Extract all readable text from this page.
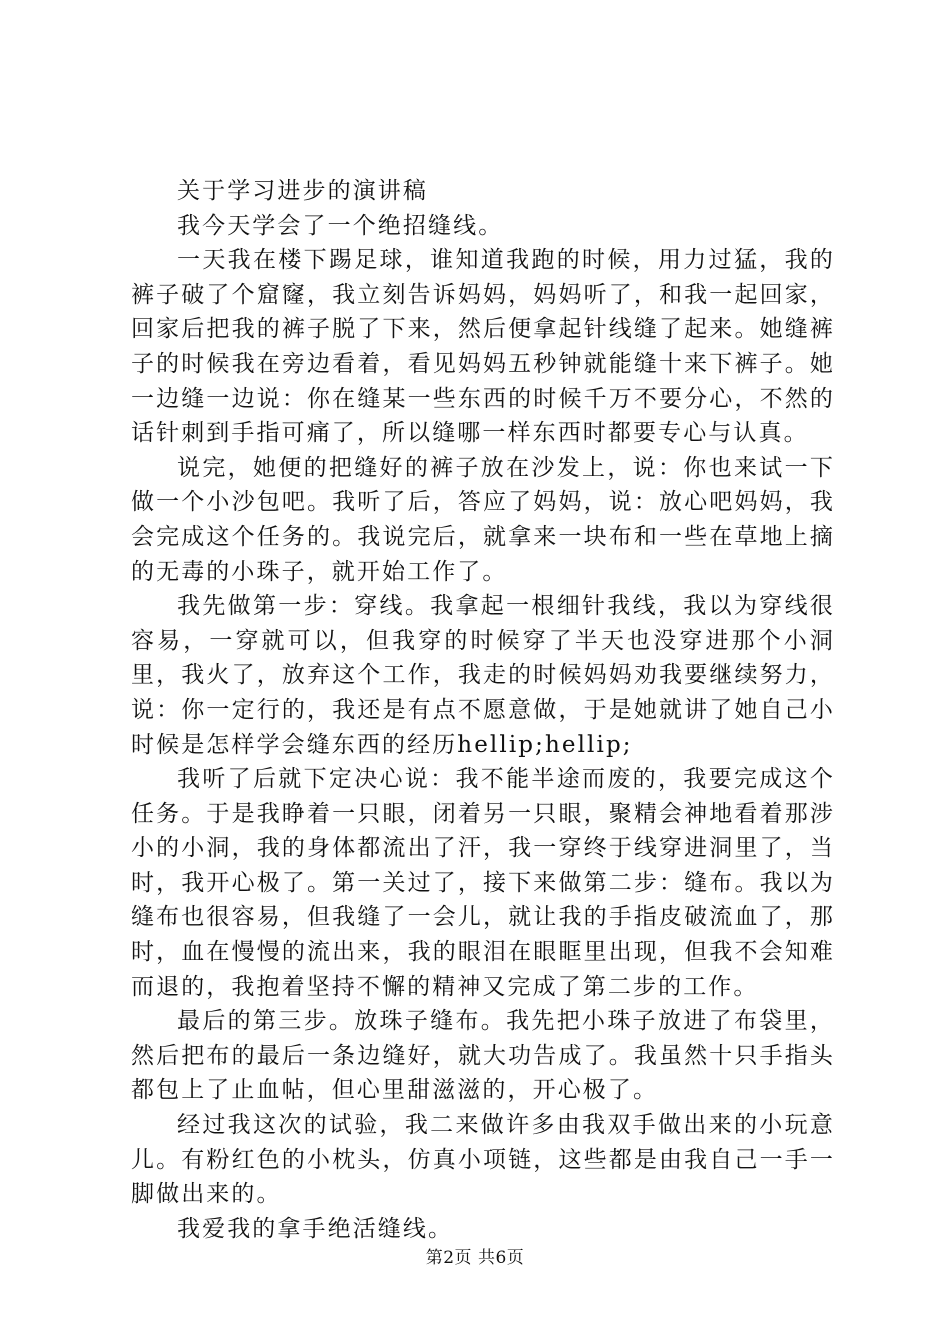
关于学习进步的演讲稿

我今天学会了一个绝招缝线。

一天我在楼下踢足球，谁知道我跑的时候，用力过猛，我的裤子破了个窟窿，我立刻告诉妈妈，妈妈听了，和我一起回家，回家后把我的裤子脱了下来，然后便拿起针线缝了起来。她缝裤子的时候我在旁边看着，看见妈妈五秒钟就能缝十来下裤子。她一边缝一边说：你在缝某一些东西的时候千万不要分心，不然的话针刺到手指可痛了，所以缝哪一样东西时都要专心与认真。

说完，她便的把缝好的裤子放在沙发上，说：你也来试一下做一个小沙包吧。我听了后，答应了妈妈，说：放心吧妈妈，我会完成这个任务的。我说完后，就拿来一块布和一些在草地上摘的无毒的小珠子，就开始工作了。

我先做第一步：穿线。我拿起一根细针我线，我以为穿线很容易，一穿就可以，但我穿的时候穿了半天也没穿进那个小洞里，我火了，放弃这个工作，我走的时候妈妈劝我要继续努力，说：你一定行的，我还是有点不愿意做，于是她就讲了她自己小时候是怎样学会缝东西的经历hellip;hellip;

我听了后就下定决心说：我不能半途而废的，我要完成这个任务。于是我睁着一只眼，闭着另一只眼，聚精会神地看着那涉小的小洞，我的身体都流出了汗，我一穿终于线穿进洞里了，当时，我开心极了。第一关过了，接下来做第二步：缝布。我以为缝布也很容易，但我缝了一会儿，就让我的手指皮破流血了，那时，血在慢慢的流出来，我的眼泪在眼眶里出现，但我不会知难而退的，我抱着坚持不懈的精神又完成了第二步的工作。

最后的第三步。放珠子缝布。我先把小珠子放进了布袋里，然后把布的最后一条边缝好，就大功告成了。我虽然十只手指头都包上了止血帖，但心里甜滋滋的，开心极了。

经过我这次的试验，我二来做许多由我双手做出来的小玩意儿。有粉红色的小枕头，仿真小项链，这些都是由我自己一手一脚做出来的。

我爱我的拿手绝活缝线。

第2页 共6页
